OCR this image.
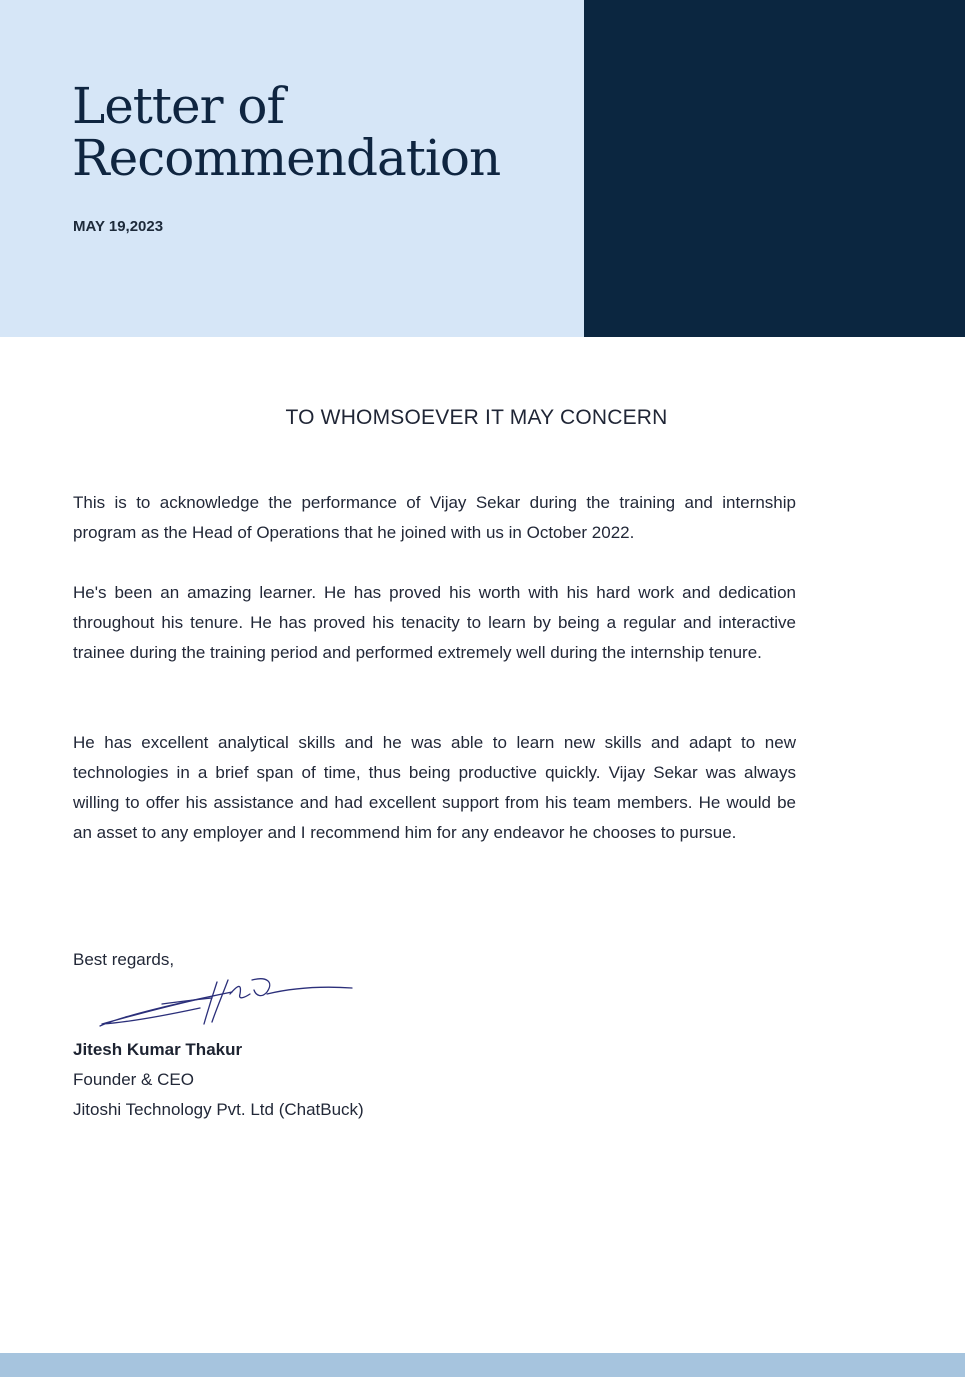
Letter of
Recommendation
MAY 19,2023
TO WHOMSOEVER IT MAY CONCERN

This is to acknowledge the performance of Vijay Sekar during the training and internship program as the Head of Operations that he joined with us in October 2022.

He's been an amazing learner. He has proved his worth with his hard work and dedication throughout his tenure. He has proved his tenacity to learn by being a regular and interactive trainee during the training period and performed extremely well during the internship tenure.

He has excellent analytical skills and he was able to learn new skills and adapt to new technologies in a brief span of time, thus being productive quickly. Vijay Sekar was always willing to offer his assistance and had excellent support from his team members. He would be an asset to any employer and I recommend him for any endeavor he chooses to pursue.

Best regards,
Jitesh Kumar Thakur
Founder & CEO
Jitoshi Technology Pvt. Ltd (ChatBuck)
